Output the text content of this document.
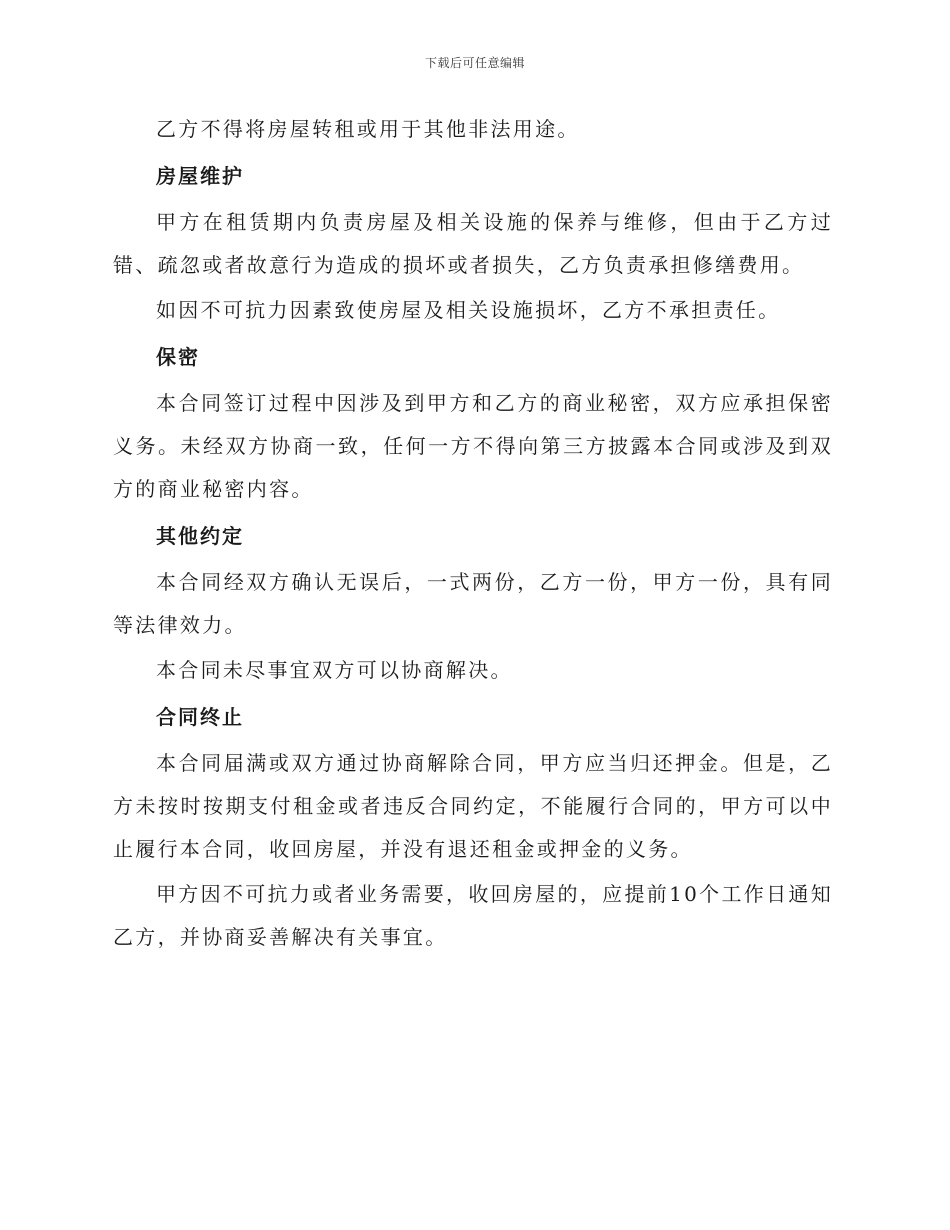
下载后可任意编辑

乙方不得将房屋转租或用于其他非法用途。

房屋维护

甲方在租赁期内负责房屋及相关设施的保养与维修，但由于乙方过错、疏忽或者故意行为造成的损坏或者损失，乙方负责承担修缮费用。

如因不可抗力因素致使房屋及相关设施损坏，乙方不承担责任。

保密

本合同签订过程中因涉及到甲方和乙方的商业秘密，双方应承担保密义务。未经双方协商一致，任何一方不得向第三方披露本合同或涉及到双方的商业秘密内容。

其他约定

本合同经双方确认无误后，一式两份，乙方一份，甲方一份，具有同等法律效力。

本合同未尽事宜双方可以协商解决。

合同终止

本合同届满或双方通过协商解除合同，甲方应当归还押金。但是，乙方未按时按期支付租金或者违反合同约定，不能履行合同的，甲方可以中止履行本合同，收回房屋，并没有退还租金或押金的义务。

甲方因不可抗力或者业务需要，收回房屋的，应提前10个工作日通知乙方，并协商妥善解决有关事宜。
